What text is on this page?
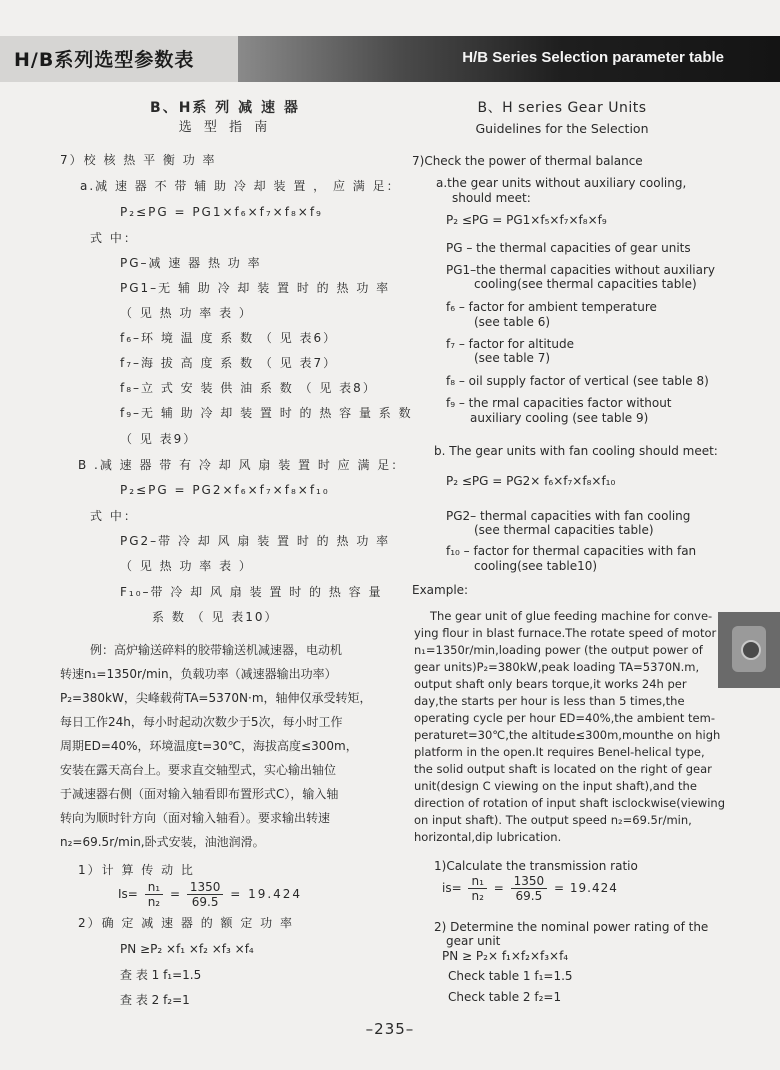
H/B系列选型参数表	H/B Series Selection parameter table
B、H系 列 减 速 器
选 型 指 南
7）校 核 热 平 衡 功 率
a.减 速 器 不 带 辅 助 冷 却 装 置 ， 应 满 足：
P₂≤PG = PG1×f₆×f₇×f₈×f₉
式 中：
PG–减 速 器 热 功 率
PG1–无 辅 助 冷 却 装 置 时 的 热 功 率
（ 见 热 功 率 表 ）
f₆–环 境 温 度 系 数 （ 见 表6）
f₇–海 拔 高 度 系 数 （ 见 表7）
f₈–立 式 安 装 供 油 系 数 （ 见 表8）
f₉–无 辅 助 冷 却 装 置 时 的 热 容 量 系 数
（ 见 表9）
B .减 速 器 带 有 冷 却 风 扇 装 置 时 应 满 足：
P₂≤PG = PG2×f₆×f₇×f₈×f₁₀
式 中：
PG2–带 冷 却 风 扇 装 置 时 的 热 功 率
（ 见 热 功 率 表 ）
F₁₀–带 冷 却 风 扇 装 置 时 的 热 容 量
系 数 （ 见 表10）
例：高炉输送碎料的胶带输送机减速器，电动机
转速n₁=1350r/min，负载功率（减速器输出功率）
P₂=380kW，尖峰载荷TA=5370N·m，轴伸仅承受转矩，
每日工作24h，每小时起动次数少于5次，每小时工作
周期ED=40%，环境温度t=30℃，海拔高度≤300m，
安装在露天高台上。要求直交轴型式，实心输出轴位
于减速器右侧（面对输入轴看即布置形式C），输入轴
转向为顺时针方向（面对输入轴看）。要求输出转速
n₂=69.5r/min,卧式安装，油池润滑。
1）计 算 传 动 比
$Is= \frac{\text{n₁}}{\text{n₂}} = \frac{1350}{69.5} = 19.424$
2）确 定 减 速 器 的 额 定 功 率
PN ≥P₂ ×f₁ ×f₂ ×f₃ ×f₄
查 表 1 f₁=1.5
查 表 2 f₂=1
B、H series Gear Units
Guidelines for the Selection
7)Check the power of thermal balance
a.the gear units without auxiliary cooling,
should meet:
P₂ ≤PG = PG1×f₅×f₇×f₈×f₉
PG – the thermal capacities of gear units
PG1–the thermal capacities without auxiliary
cooling(see thermal capacities table)
f₆ – factor for ambient temperature
(see table 6)
f₇ – factor for altitude
(see table 7)
f₈ – oil supply factor of vertical (see table 8)
f₉ – the rmal capacities factor without
auxiliary cooling (see table 9)
b. The gear units with fan cooling should meet:
P₂ ≤PG = PG2× f₆×f₇×f₈×f₁₀
PG2– thermal capacities with fan cooling
(see thermal capacities table)
f₁₀ – factor for thermal capacities with fan
cooling(see table10)
Example:
The gear unit of glue feeding machine for conve-
ying flour in blast furnace.The rotate speed of motor
n₁=1350r/min,loading power (the output power of
gear units)P₂=380kW,peak loading TA=5370N.m,
output shaft only bears torque,it works 24h per
day,the starts per hour is less than 5 times,the
operating cycle per hour ED=40%,the ambient tem-
peraturet=30℃,the altitude≤300m,mounthe on high
platform in the open.It requires Benel-helical type,
the solid output shaft is located on the right of gear
unit(design C viewing on the input shaft),and the
direction of rotation of input shaft isclockwise(viewing
on input shaft). The output speed n₂=69.5r/min,
horizontal,dip lubrication.
1)Calculate the transmission ratio
$is= \frac{\text{n₁}}{\text{n₂}} = \frac{1350}{69.5} = 19.424$
2) Determine the nominal power rating of the
gear unit
PN ≥ P₂× f₁×f₂×f₃×f₄
Check table 1 f₁=1.5
Check table 2 f₂=1
–235–
